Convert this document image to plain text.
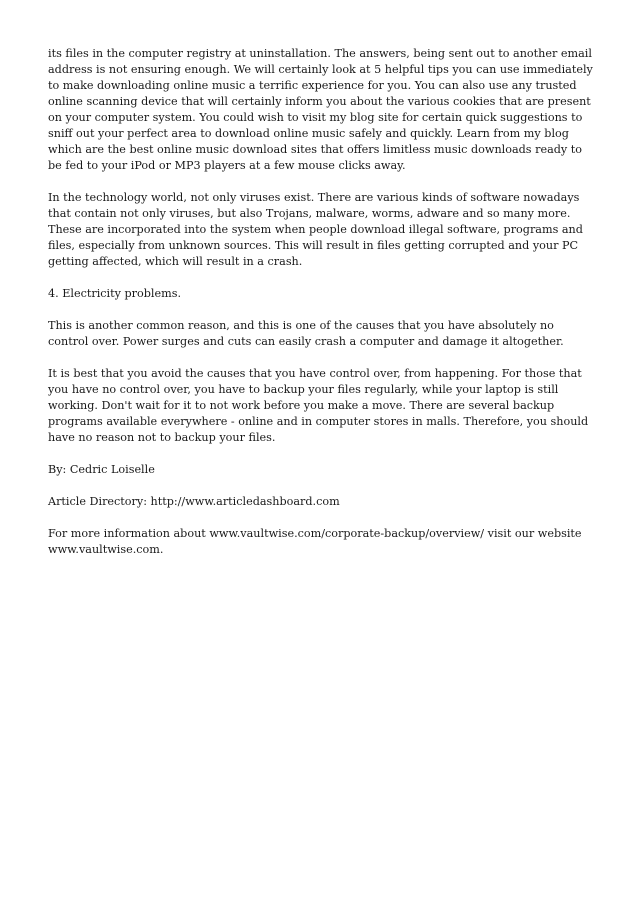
its files in the computer registry at uninstallation. The answers, being sent out to another email address is not ensuring enough. We will certainly look at 5 helpful tips you can use immediately to make downloading online music a terrific experience for you. You can also use any trusted online scanning device that will certainly inform you about the various cookies that are present on your computer system. You could wish to visit my blog site for certain quick suggestions to sniff out your perfect area to download online music safely and quickly. Learn from my blog which are the best online music download sites that offers limitless music downloads ready to be fed to your iPod or MP3 players at a few mouse clicks away.

In the technology world, not only viruses exist. There are various kinds of software nowadays that contain not only viruses, but also Trojans, malware, worms, adware and so many more. These are incorporated into the system when people download illegal software, programs and files, especially from unknown sources. This will result in files getting corrupted and your PC getting affected, which will result in a crash.

4. Electricity problems.

This is another common reason, and this is one of the causes that you have absolutely no control over. Power surges and cuts can easily crash a computer and damage it altogether.

It is best that you avoid the causes that you have control over, from happening. For those that you have no control over, you have to backup your files regularly, while your laptop is still working. Don't wait for it to not work before you make a move. There are several backup programs available everywhere - online and in computer stores in malls. Therefore, you should have no reason not to backup your files.

By: Cedric Loiselle

Article Directory: http://www.articledashboard.com

For more information about www.vaultwise.com/corporate-backup/overview/ visit our website www.vaultwise.com.
